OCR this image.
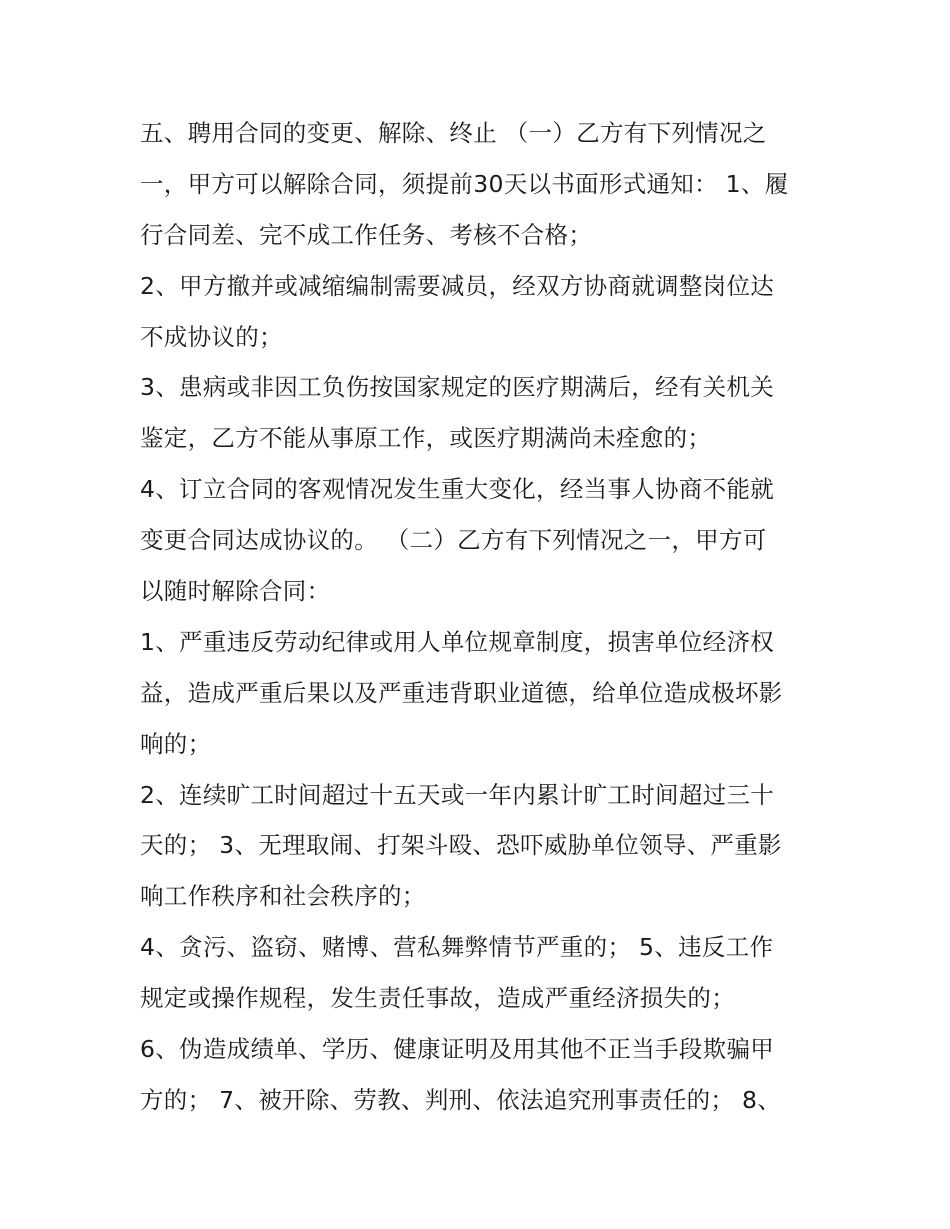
五、聘用合同的变更、解除、终止 （一）乙方有下列情况之
一，甲方可以解除合同，须提前30天以书面形式通知： 1、履
行合同差、完不成工作任务、考核不合格；
2、甲方撤并或减缩编制需要减员，经双方协商就调整岗位达
不成协议的；
3、患病或非因工负伤按国家规定的医疗期满后，经有关机关
鉴定，乙方不能从事原工作，或医疗期满尚未痊愈的；
4、订立合同的客观情况发生重大变化，经当事人协商不能就
变更合同达成协议的。 （二）乙方有下列情况之一，甲方可
以随时解除合同：
1、严重违反劳动纪律或用人单位规章制度，损害单位经济权
益，造成严重后果以及严重违背职业道德，给单位造成极坏影
响的；
2、连续旷工时间超过十五天或一年内累计旷工时间超过三十
天的； 3、无理取闹、打架斗殴、恐吓威胁单位领导、严重影
响工作秩序和社会秩序的；
4、贪污、盗窃、赌博、营私舞弊情节严重的； 5、违反工作
规定或操作规程，发生责任事故，造成严重经济损失的；
6、伪造成绩单、学历、健康证明及用其他不正当手段欺骗甲
方的； 7、被开除、劳教、判刑、依法追究刑事责任的； 8、
